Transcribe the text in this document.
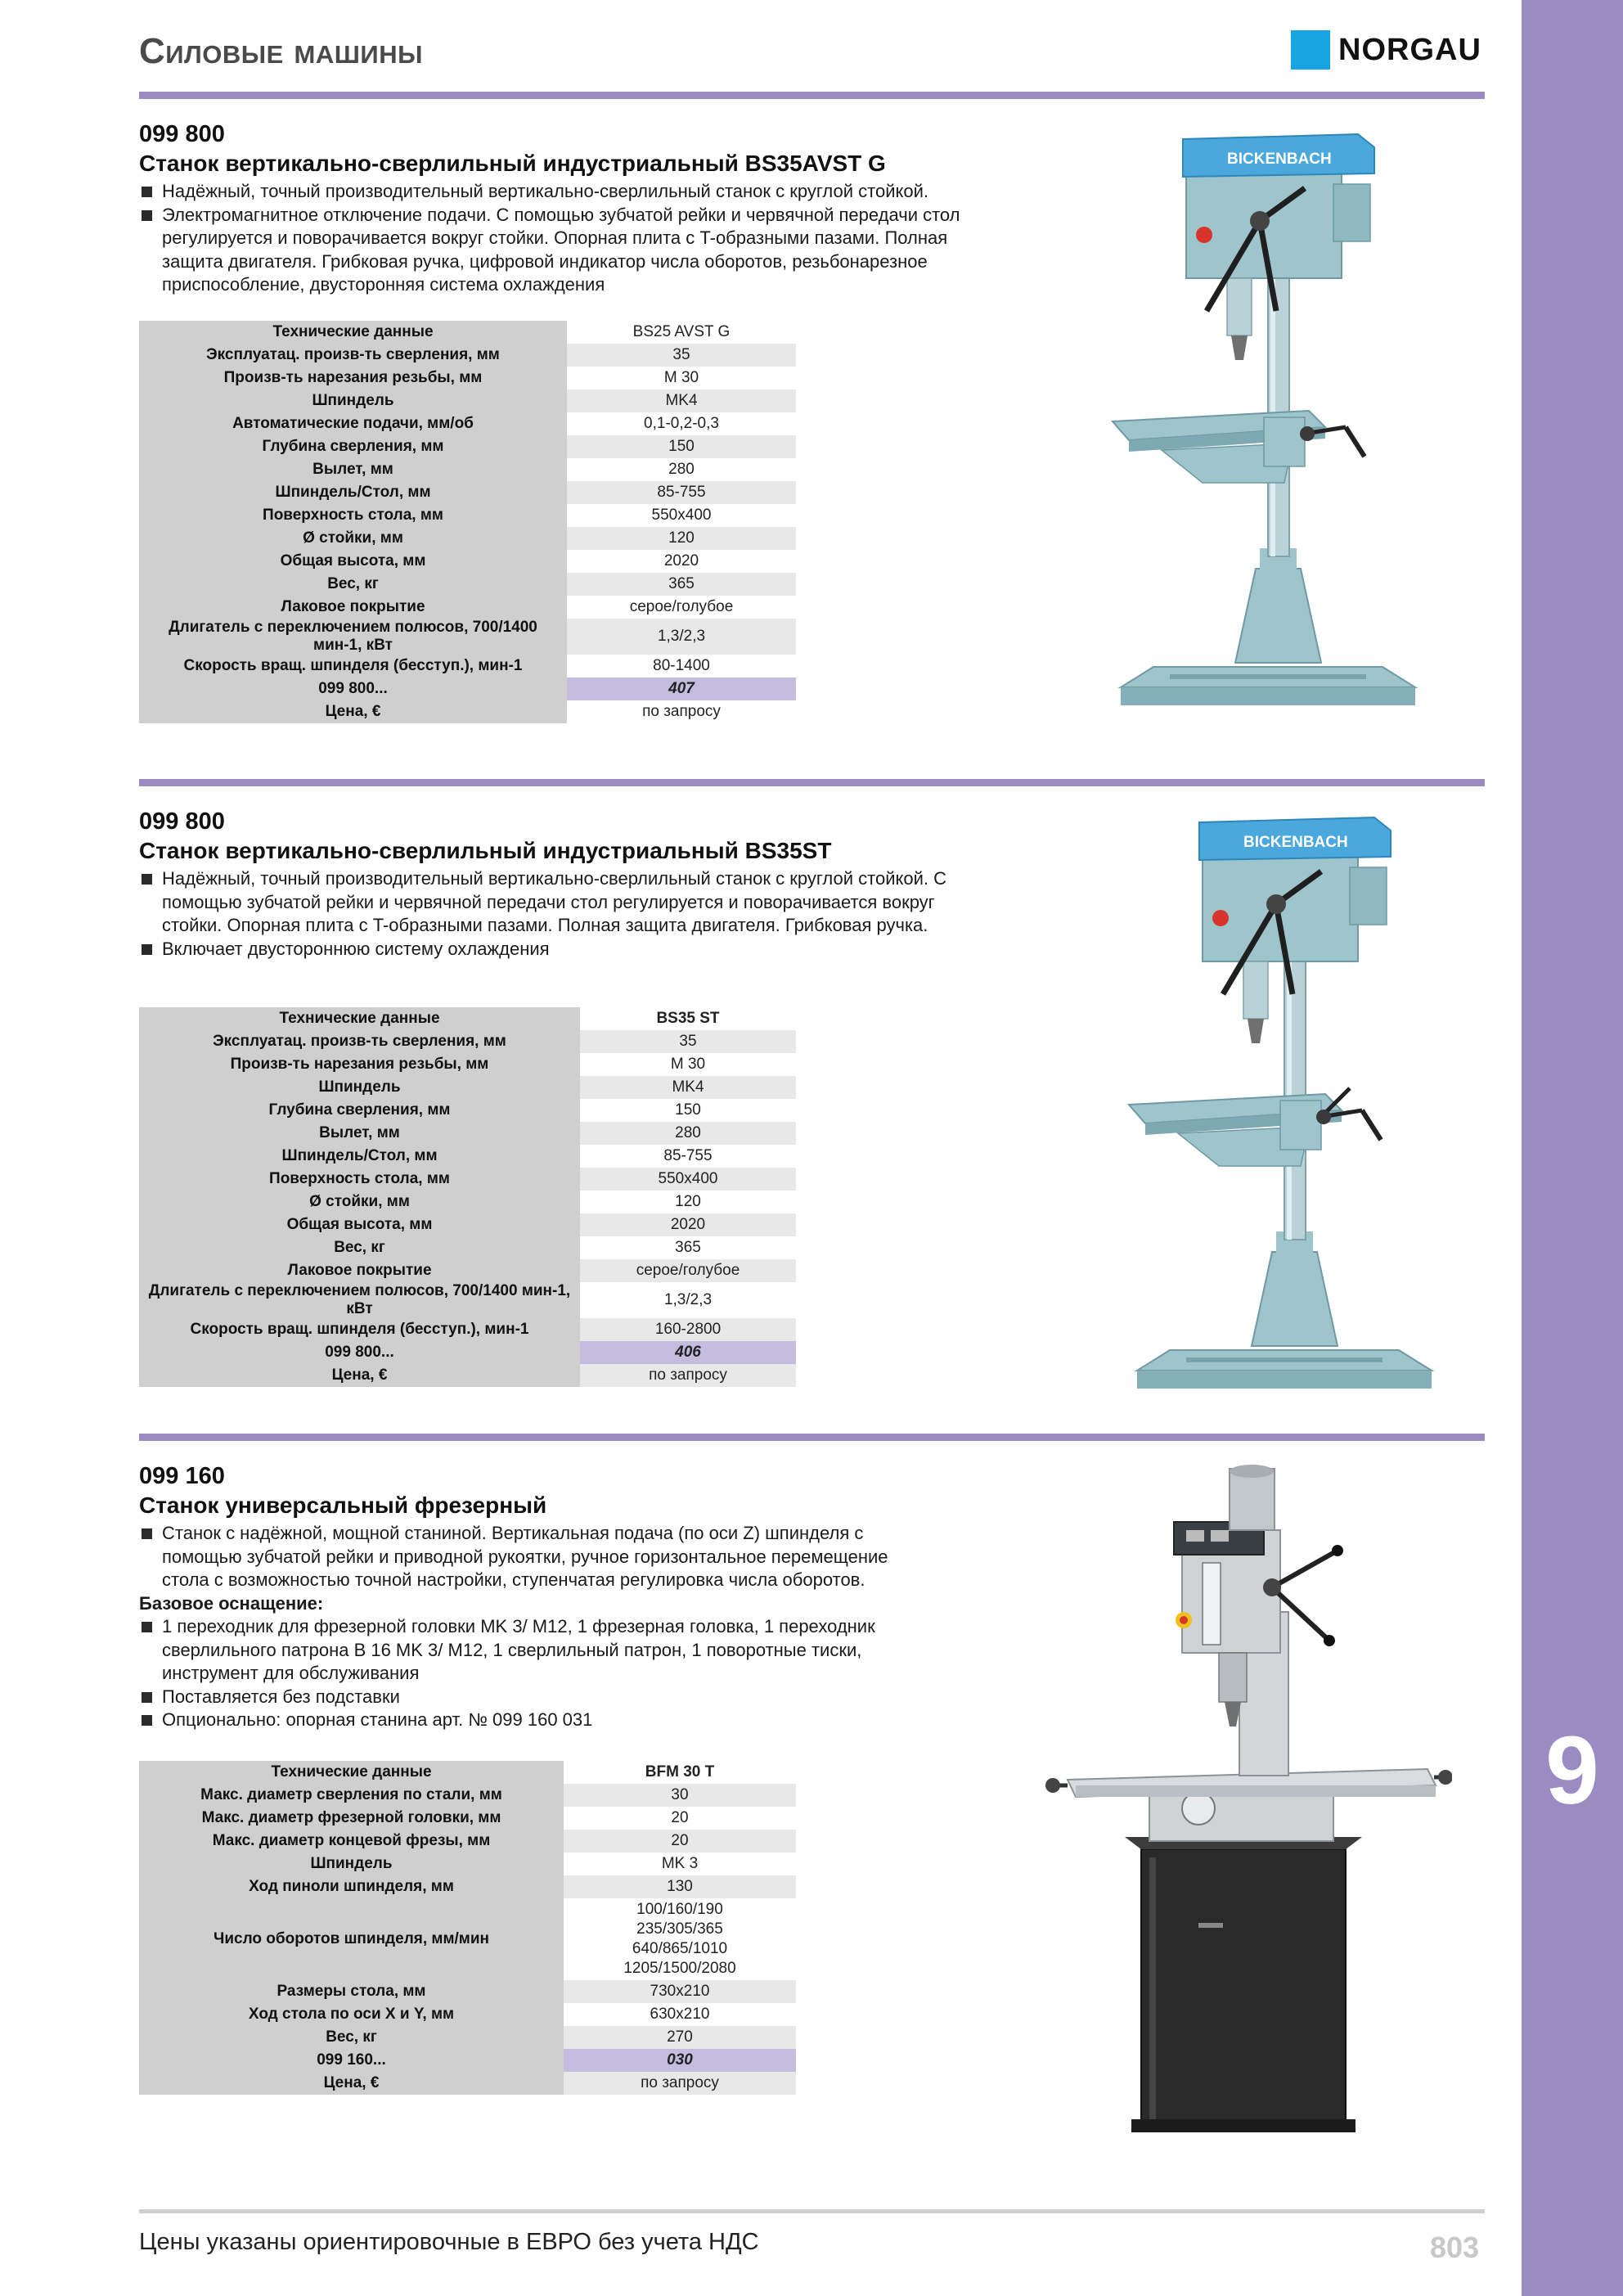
9
Силовые машины	NORGAU
099 800
Станок вертикально-сверлильный индустриальный BS35AVST G
Надёжный, точный производительный вертикально-сверлильный станок с круглой стойкой.
Электромагнитное отключение подачи. С помощью зубчатой рейки и червячной передачи стол регулируется и поворачивается вокруг стойки. Опорная плита с T-образными пазами. Полная защита двигателя. Грибковая ручка, цифровой индикатор числа оборотов, резьбонарезное приспособление, двусторонняя система охлаждения
Технические данные	BS25 AVST G
Эксплуатац. произв-ть сверления, мм	35
Произв-ть нарезания резьбы, мм	M 30
Шпиндель	MK4
Автоматические подачи, мм/об	0,1-0,2-0,3
Глубина сверления, мм	150
Вылет, мм	280
Шпиндель/Стол, мм	85-755
Поверхность стола, мм	550x400
Ø стойки, мм	120
Общая высота, мм	2020
Вес, кг	365
Лаковое покрытие	серое/голубое
Длигатель с переключением полюсов, 700/1400 мин-1, кВт	1,3/2,3
Скорость вращ. шпинделя (бесступ.), мин-1	80-1400
099 800...	407
Цена, €	по запросу
BICKENBACH
099 800
Станок вертикально-сверлильный индустриальный BS35ST
Надёжный, точный производительный вертикально-сверлильный станок с круглой стойкой. С помощью зубчатой рейки и червячной передачи стол регулируется и поворачивается вокруг стойки. Опорная плита с T-образными пазами. Полная защита двигателя. Грибковая ручка.
Включает двустороннюю систему охлаждения
Технические данные	BS35 ST
Эксплуатац. произв-ть сверления, мм	35
Произв-ть нарезания резьбы, мм	M 30
Шпиндель	MK4
Глубина сверления, мм	150
Вылет, мм	280
Шпиндель/Стол, мм	85-755
Поверхность стола, мм	550x400
Ø стойки, мм	120
Общая высота, мм	2020
Вес, кг	365
Лаковое покрытие	серое/голубое
Длигатель с переключением полюсов, 700/1400 мин-1, кВт	1,3/2,3
Скорость вращ. шпинделя (бесступ.), мин-1	160-2800
099 800...	406
Цена, €	по запросу
BICKENBACH
099 160
Станок универсальный фрезерный
Станок с надёжной, мощной станиной. Вертикальная подача (по оси Z) шпинделя с помощью зубчатой рейки и приводной рукоятки, ручное горизонтальное перемещение стола с возможностью точной настройки, ступенчатая регулировка числа оборотов.
Базовое оснащение:
1 переходник для фрезерной головки MK 3/ M12, 1 фрезерная головка, 1 переходник сверлильного патрона B 16 MK 3/ M12, 1 сверлильный патрон, 1 поворотные тиски, инструмент для обслуживания
Поставляется без подставки
Опционально: опорная станина арт. № 099 160 031
Технические данные	BFM 30 T
Макс. диаметр сверления по стали, мм	30
Макс. диаметр фрезерной головки, мм	20
Макс. диаметр концевой фрезы, мм	20
Шпиндель	MK 3
Ход пиноли шпинделя, мм	130
Число оборотов шпинделя, мм/мин	100/160/190
235/305/365
640/865/1010
1205/1500/2080
Размеры стола, мм	730x210
Ход стола по оси X и Y, мм	630x210
Вес, кг	270
099 160...	030
Цена, €	по запросу
Цены указаны ориентировочные в ЕВРО без учета НДС	803
